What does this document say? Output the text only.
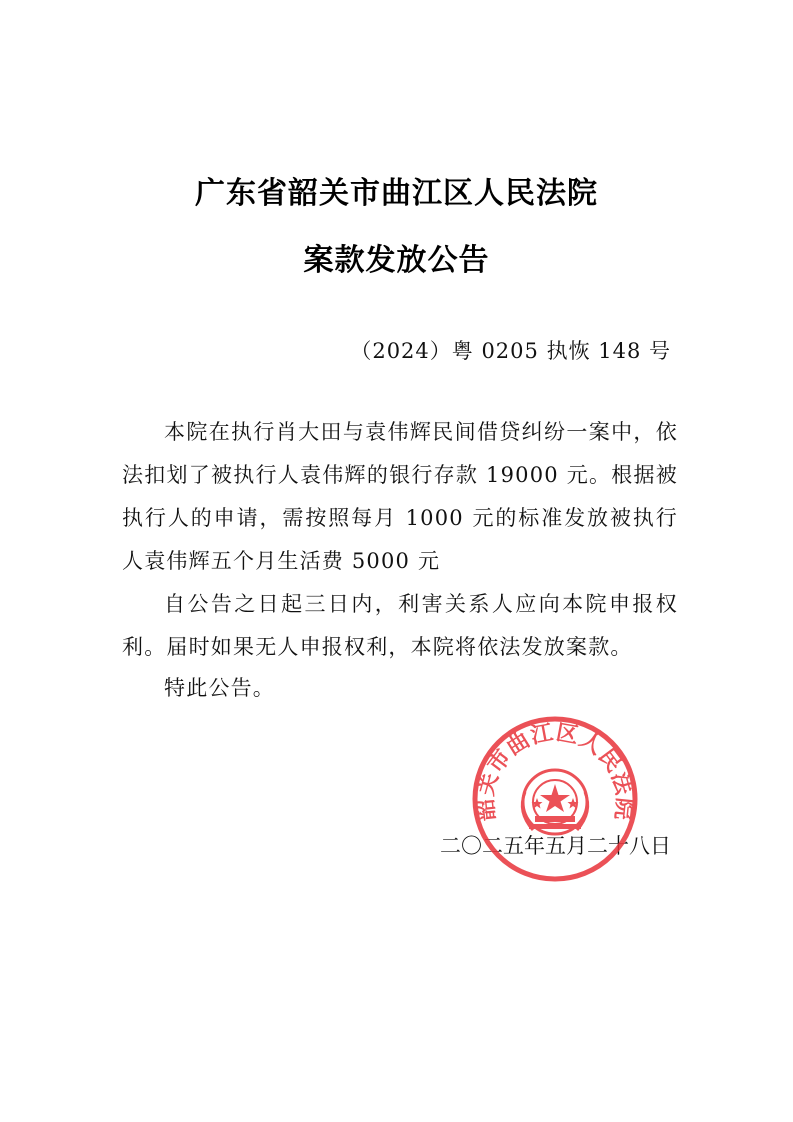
广东省韶关市曲江区人民法院
案款发放公告

（2024）粤 0205 执恢 148 号

本院在执行肖大田与袁伟辉民间借贷纠纷一案中，依法扣划了被执行人袁伟辉的银行存款 19000 元。根据被执行人的申请，需按照每月 1000 元的标准发放被执行人袁伟辉五个月生活费 5000 元

自公告之日起三日内，利害关系人应向本院申报权利。届时如果无人申报权利，本院将依法发放案款。

特此公告。

二〇二五年五月二十八日

韶关市曲江区人民法院
